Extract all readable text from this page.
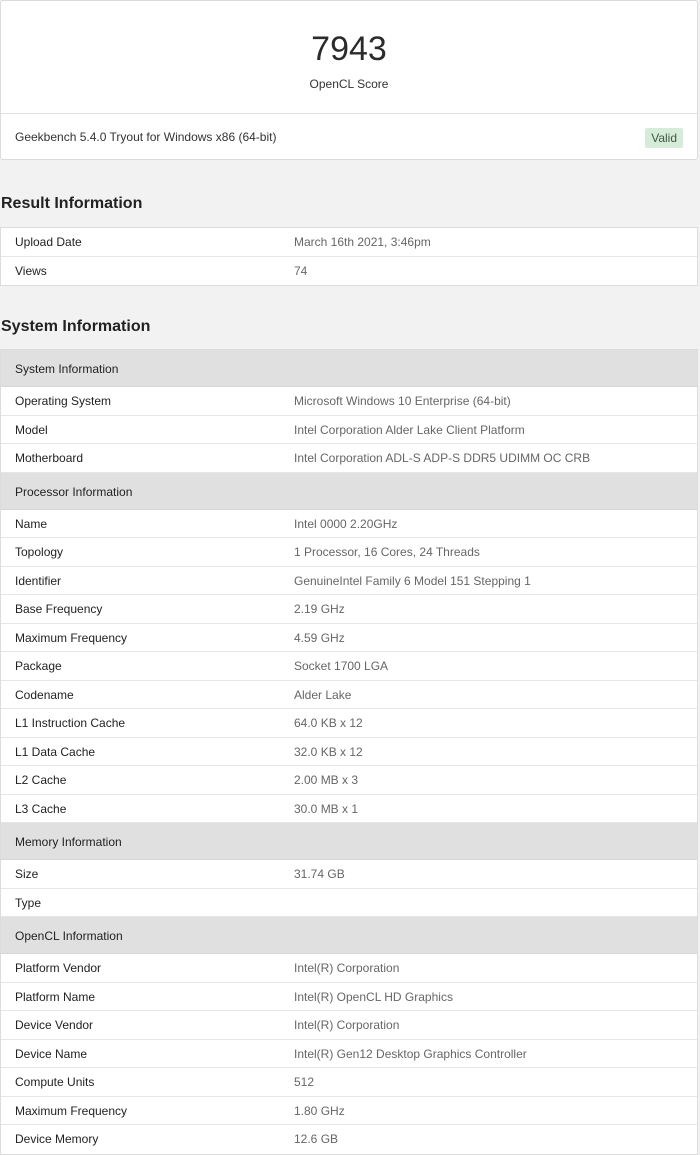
7943
OpenCL Score
Geekbench 5.4.0 Tryout for Windows x86 (64-bit)	Valid
Result Information
Upload Date	March 16th 2021, 3:46pm
Views	74
System Information
System Information
Operating System	Microsoft Windows 10 Enterprise (64-bit)
Model	Intel Corporation Alder Lake Client Platform
Motherboard	Intel Corporation ADL-S ADP-S DDR5 UDIMM OC CRB
Processor Information
Name	Intel 0000 2.20GHz
Topology	1 Processor, 16 Cores, 24 Threads
Identifier	GenuineIntel Family 6 Model 151 Stepping 1
Base Frequency	2.19 GHz
Maximum Frequency	4.59 GHz
Package	Socket 1700 LGA
Codename	Alder Lake
L1 Instruction Cache	64.0 KB x 12
L1 Data Cache	32.0 KB x 12
L2 Cache	2.00 MB x 3
L3 Cache	30.0 MB x 1
Memory Information
Size	31.74 GB
Type
OpenCL Information
Platform Vendor	Intel(R) Corporation
Platform Name	Intel(R) OpenCL HD Graphics
Device Vendor	Intel(R) Corporation
Device Name	Intel(R) Gen12 Desktop Graphics Controller
Compute Units	512
Maximum Frequency	1.80 GHz
Device Memory	12.6 GB
